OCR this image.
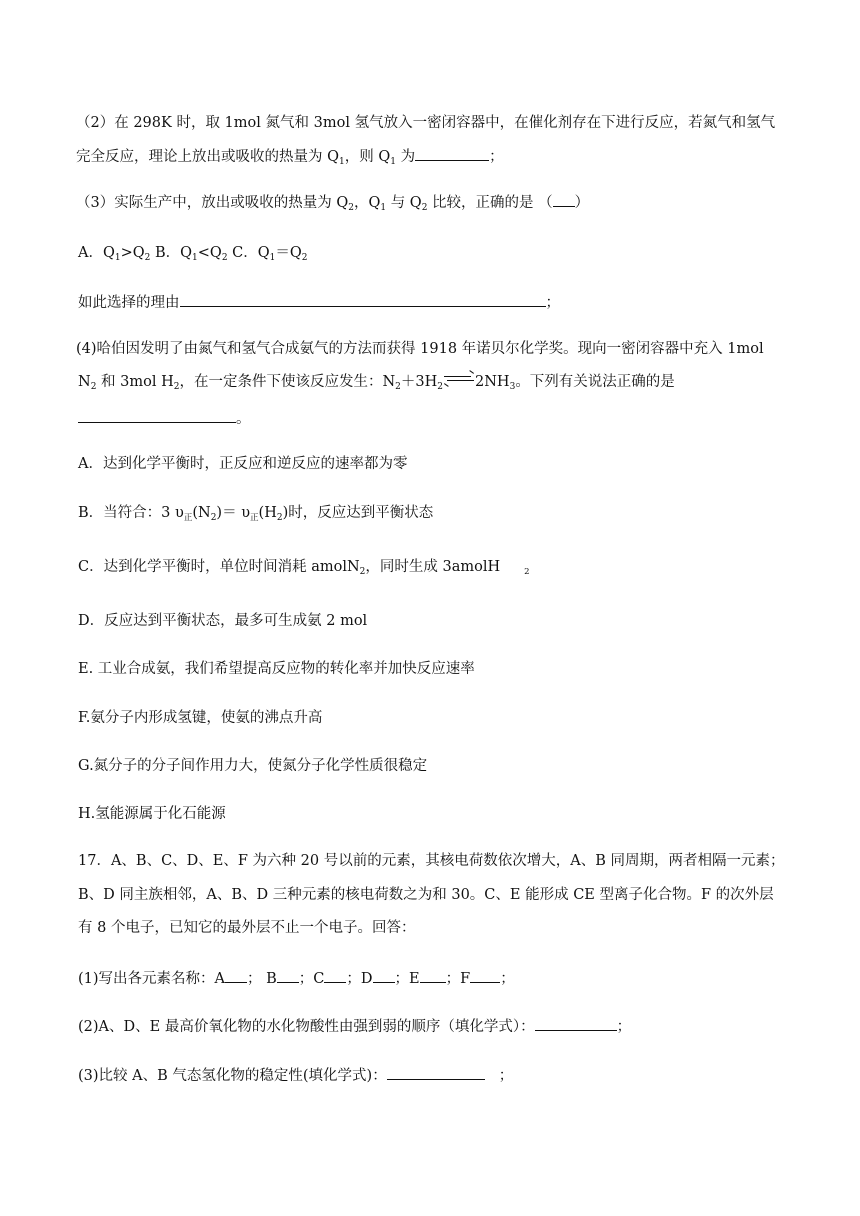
（2）在 298K 时，取 1mol 氮气和 3mol 氢气放入一密闭容器中，在催化剂存在下进行反应，若氮气和氢气
完全反应，理论上放出或吸收的热量为 $Q_1$，则 $Q_1$ 为	；
（3）实际生产中，放出或吸收的热量为 $Q_2$，$Q_1$ 与 $Q_2$ 比较，正确的是 （ ）
A．$Q_1>Q_2$ B．$Q_1<Q_2$ C．$Q_1=Q_2$
如此选择的理由	；
(4)哈伯因发明了由氮气和氢气合成氨气的方法而获得 1918 年诺贝尔化学奖。现向一密闭容器中充入 1mol
$N_2$ 和 3mol $H_2$，在一定条件下使该反应发生：$N_2+3H_2 \to 2NH_3$。下列有关说法正确的是
。
A．达到化学平衡时，正反应和逆反应的速率都为零
B．当符合：3 $\upsilon_正(N_2)= \upsilon_正(H_2)$时，反应达到平衡状态
C．达到化学平衡时，单位时间消耗 amolN$_2$，同时生成 3amolH	$_2$
D．反应达到平衡状态，最多可生成氨 2 mol
E. 工业合成氨，我们希望提高反应物的转化率并加快反应速率
F.氨分子内形成氢键，使氨的沸点升高
G.氮分子的分子间作用力大，使氮分子化学性质很稳定
H.氢能源属于化石能源
17．A、B、C、D、E、F 为六种 20 号以前的元素，其核电荷数依次增大，A、B 同周期，两者相隔一元素；
B、D 同主族相邻，A、B、D 三种元素的核电荷数之为和 30。C、E 能形成 CE 型离子化合物。F 的次外层
有 8 个电子，已知它的最外层不止一个电子。回答：
(1)写出各元素名称：A ； B ；C ；D ；E ；F ；
(2)A、D、E 最高价氧化物的水化物酸性由强到弱的顺序（填化学式）：	；
(3)比较 A、B 气态氢化物的稳定性(填化学式)：	；
